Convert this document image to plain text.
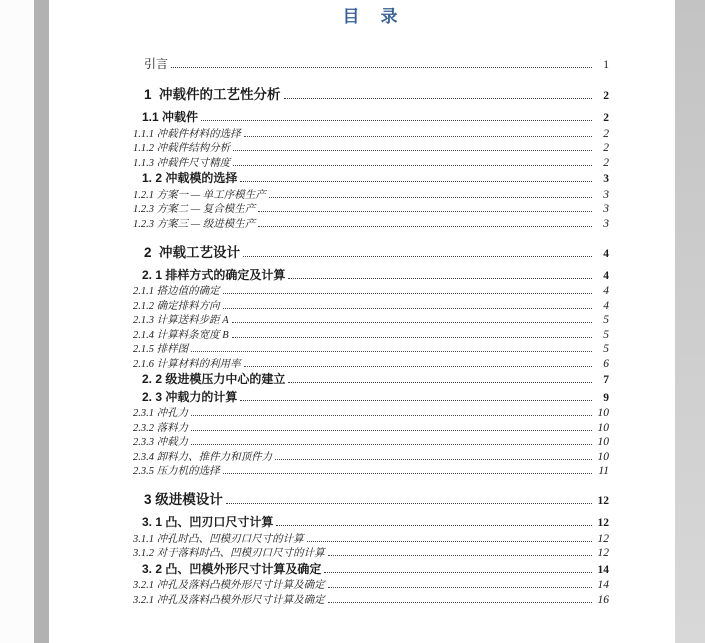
目　录
引言	1
1  冲载件的工艺性分析	2
1.1 冲载件	2
1.1.1 冲载件材料的选择	2
1.1.2 冲载件结构分析	2
1.1.3 冲载件尺寸精度	2
1. 2 冲载模的选择	3
1.2.1 方案一 — 单工序模生产	3
1.2.3 方案二 — 复合模生产	3
1.2.3 方案三 — 级进模生产	3
2  冲载工艺设计	4
2. 1 排样方式的确定及计算	4
2.1.1 搭边值的确定	4
2.1.2 确定排料方向	4
2.1.3 计算送料步距 A	5
2.1.4 计算料条宽度 B	5
2.1.5 排样图	5
2.1.6 计算材料的利用率	6
2. 2 级进模压力中心的建立	7
2. 3 冲载力的计算	9
2.3.1 冲孔力	10
2.3.2 落料力	10
2.3.3 冲载力	10
2.3.4 卸料力、推件力和顶件力	10
2.3.5 压力机的选择	11
3 级进模设计	12
3. 1 凸、凹刃口尺寸计算	12
3.1.1 冲孔时凸、凹模刃口尺寸的计算	12
3.1.2 对于落料时凸、凹模刃口尺寸的计算	12
3. 2 凸、凹模外形尺寸计算及确定	14
3.2.1 冲孔及落料凸模外形尺寸计算及确定	14
3.2.1 冲孔及落料凸模外形尺寸计算及确定	16
